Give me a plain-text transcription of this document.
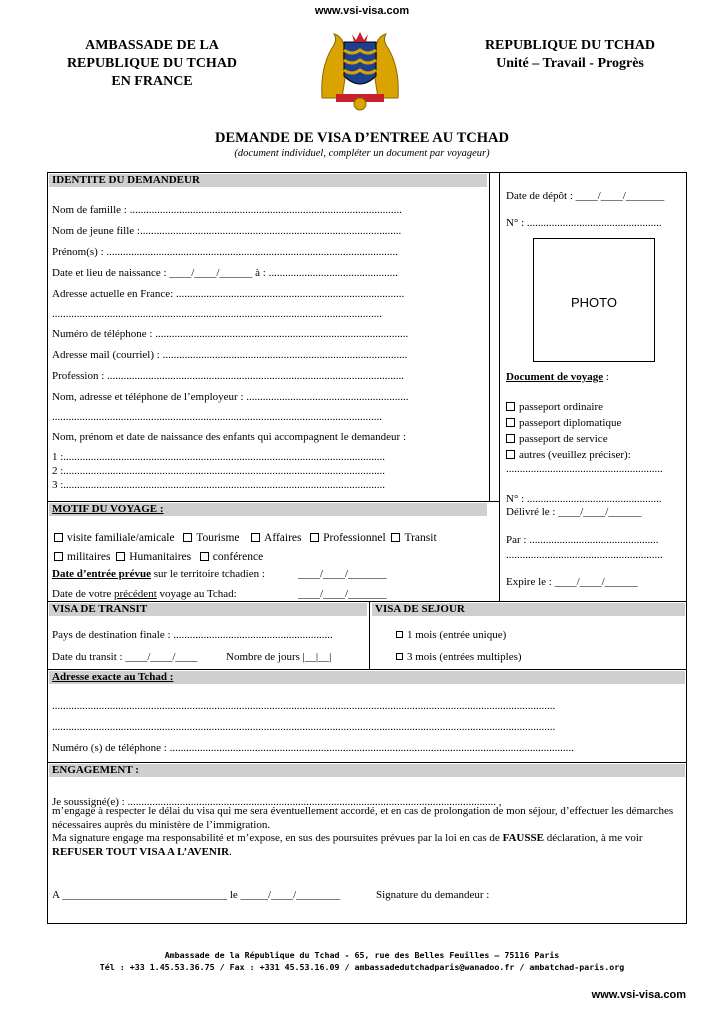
www.vsi-visa.com
AMBASSADE DE LA
REPUBLIQUE DU TCHAD
EN FRANCE
REPUBLIQUE DU TCHAD
Unité – Travail - Progrès
DEMANDE DE VISA D’ENTREE AU TCHAD
(document individuel, compléter un document par voyageur)
IDENTITE DU DEMANDEUR
Nom de famille : ...................................................................................................
Nom de jeune fille :...............................................................................................
Prénom(s) : ..........................................................................................................
Date et lieu de naissance : ____/____/______ à : ...............................................
Adresse actuelle en France: ...................................................................................
........................................................................................................................
Numéro de téléphone : ............................................................................................
Adresse mail (courriel) : .........................................................................................
Profession : ............................................................................................................
Nom, adresse et téléphone de l’employeur : ...........................................................
........................................................................................................................
Nom, prénom et date de naissance des enfants qui accompagnent le demandeur :
1 :.....................................................................................................................
2 :.....................................................................................................................
3 :.....................................................................................................................
Date de dépôt : ____/____/_______
N° : .................................................
PHOTO
Document de voyage :
passeport ordinaire
passeport diplomatique
passeport de service
autres (veuillez préciser):
.........................................................
N° : .................................................
Délivré le : ____/____/______
Par : ...............................................
.........................................................
Expire le : ____/____/______
MOTIF DU VOYAGE :
visite familiale/amicale Tourisme Affaires Professionnel Transit
militaires Humanitaires conférence
Date d’entrée prévue sur le territoire tchadien :	____/____/_______
Date de votre précédent voyage au Tchad:	____/____/_______
VISA DE TRANSIT	VISA DE SEJOUR
Pays de destination finale : ..........................................................
Date du transit : ____/____/____	Nombre de jours |__|__|
1 mois (entrée unique)
3 mois (entrées multiples)
Adresse exacte au Tchad :
.......................................................................................................................................................................................
.......................................................................................................................................................................................
Numéro (s) de téléphone : ...................................................................................................................................................
ENGAGEMENT :
Je soussigné(e) : ...................................................................................................................................... ,
m’engage à respecter le délai du visa qui me sera éventuellement accordé, et en cas de prolongation de mon séjour, d’effectuer les démarches nécessaires auprès du ministère de l’immigration.
Ma signature engage ma responsabilité et m’expose, en sus des poursuites prévues par la loi en cas de FAUSSE déclaration, à me voir REFUSER TOUT VISA A L’AVENIR.
A ______________________________ le _____/____/________	Signature du demandeur :
Ambassade de la République du Tchad - 65, rue des Belles Feuilles – 75116 Paris
Tél : +33 1.45.53.36.75 / Fax : +331 45.53.16.09 / ambassadedutchadparis@wanadoo.fr / ambatchad-paris.org
www.vsi-visa.com
